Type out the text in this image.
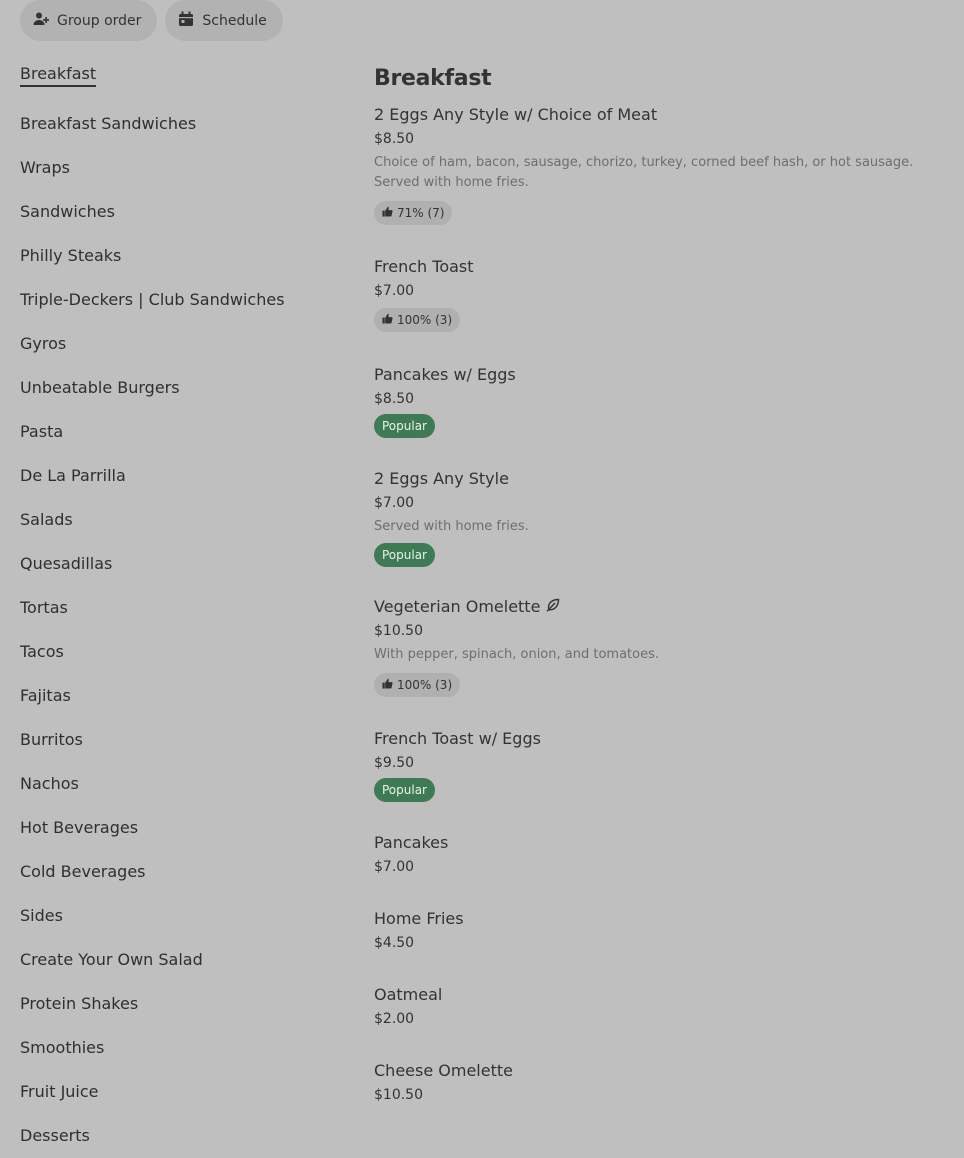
Group order	Schedule
Breakfast
Breakfast Sandwiches
Wraps
Sandwiches
Philly Steaks
Triple-Deckers | Club Sandwiches
Gyros
Unbeatable Burgers
Pasta
De La Parrilla
Salads
Quesadillas
Tortas
Tacos
Fajitas
Burritos
Nachos
Hot Beverages
Cold Beverages
Sides
Create Your Own Salad
Protein Shakes
Smoothies
Fruit Juice
Desserts
Breakfast
2 Eggs Any Style w/ Choice of Meat
$8.50
Choice of ham, bacon, sausage, chorizo, turkey, corned beef hash, or hot sausage. Served with home fries.
71% (7)
French Toast
$7.00
100% (3)
Pancakes w/ Eggs
$8.50
Popular
2 Eggs Any Style
$7.00
Served with home fries.
Popular
Vegeterian Omelette
$10.50
With pepper, spinach, onion, and tomatoes.
100% (3)
French Toast w/ Eggs
$9.50
Popular
Pancakes
$7.00
Home Fries
$4.50
Oatmeal
$2.00
Cheese Omelette
$10.50
